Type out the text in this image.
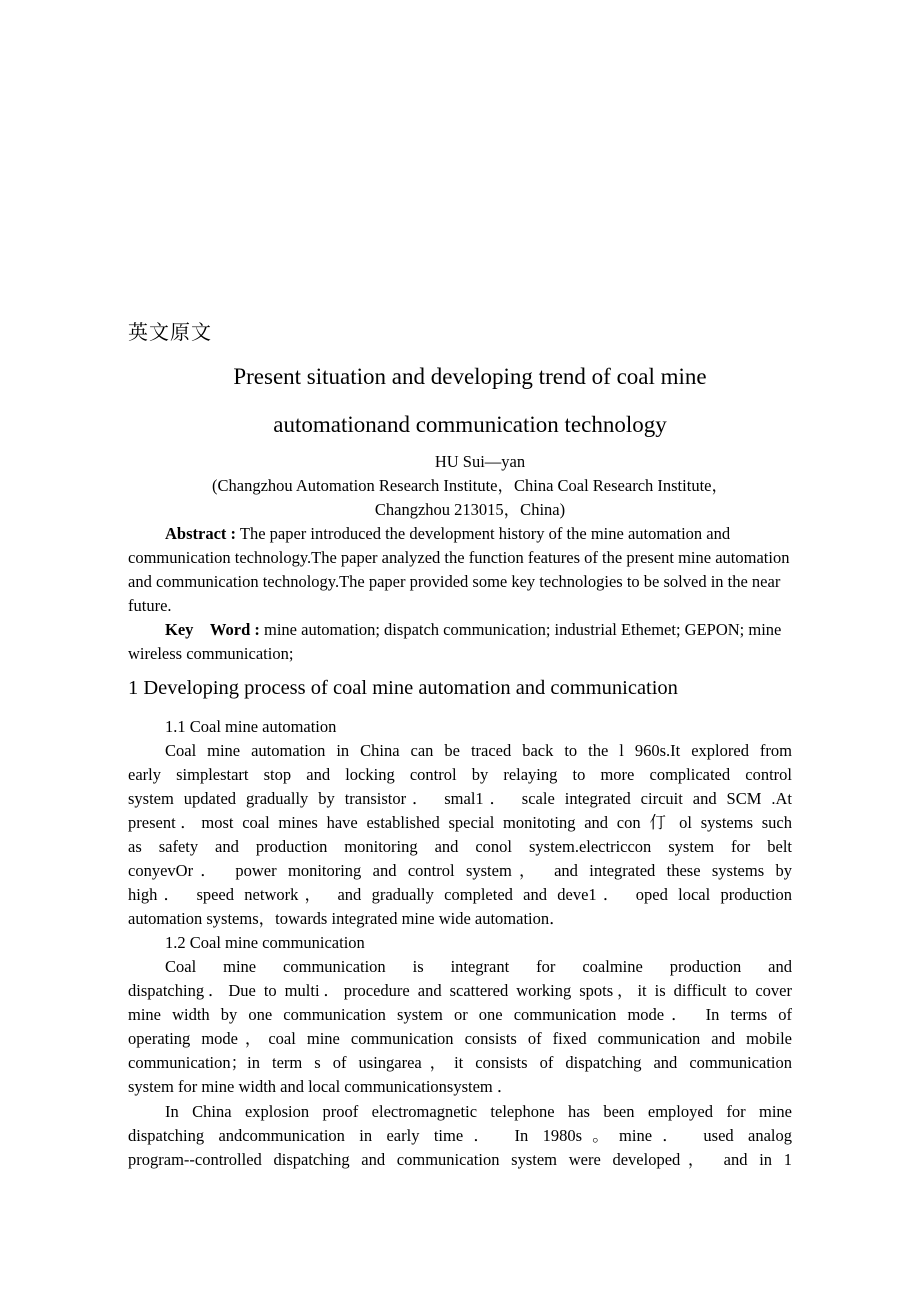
英文原文
Present situation and developing trend of coal mine
automationand communication technology
HU Sui—yan
(Changzhou Automation Research Institute，China Coal Research Institute，
Changzhou 213015，China)
Abstract : The paper introduced the development history of the mine automation and communication technology.The paper analyzed the function features of the present mine automation and communication technology.The paper provided some key technologies to be solved in the near future.
Key　Word : mine automation; dispatch communication; industrial Ethemet; GEPON; mine wireless communication;
1 Developing process of coal mine automation and communication
1.1 Coal mine automation
Coal mine automation in China can be traced back to the l 960s.It explored from
early simplestart stop and locking control by relaying to more complicated control
system updated gradually by transistor． smal1． scale integrated circuit and SCM .At
present．most coal mines have established special monitoting and con 仃 ol systems such
as safety and production monitoring and conol system.electriccon system for belt
conyevOr． power monitoring and control system， and integrated these systems by
high． speed network， and gradually completed and deve1． oped local production
automation systems，towards integrated mine wide automation．
1.2 Coal mine communication
Coal mine communication is integrant for coalmine production and
dispatching．Due to multi．procedure and scattered working spots，it is difficult to cover
mine width by one communication system or one communication mode． In terms of
operating mode，coal mine communication consists of fixed communication and mobile
communication；in term s of usingarea，it consists of dispatching and communication
system for mine width and local communicationsystem ．
In China explosion proof electromagnetic telephone has been employed for mine
dispatching andcommunication in early time． In 1980s。mine． used analog
program--controlled dispatching and communication system were developed， and in 1
